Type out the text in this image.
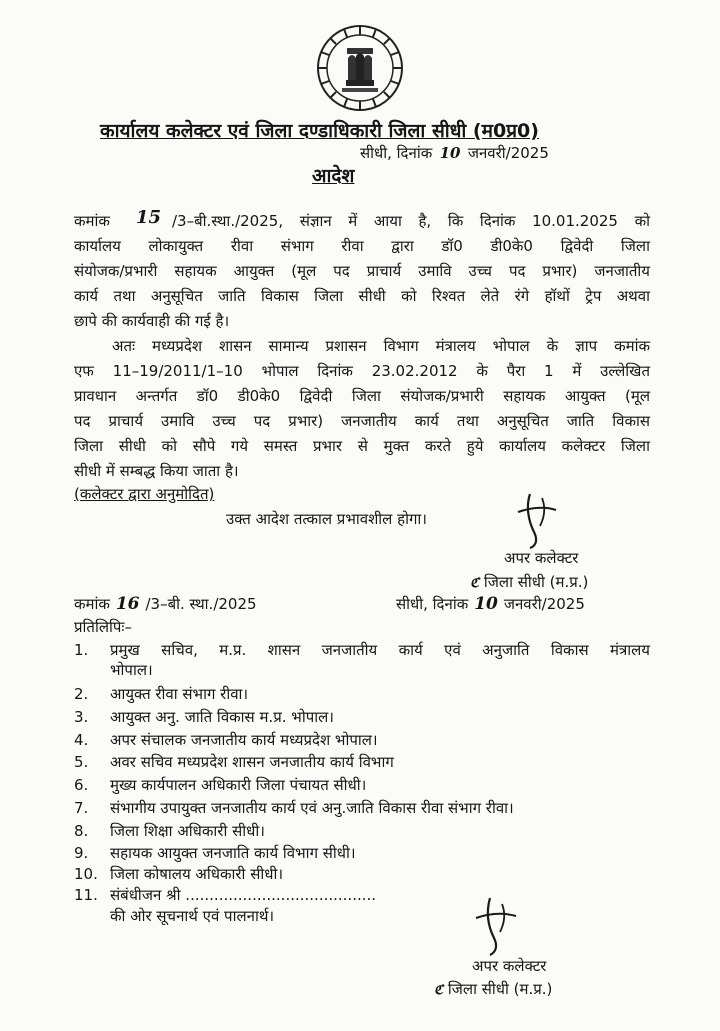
कार्यालय कलेक्टर एवं जिला दण्डाधिकारी जिला सीधी (म0प्र0)
सीधी, दिनांक 10 जनवरी/2025
आदेश
कमांक 15 /3–बी.स्था./2025, संज्ञान में आया है, कि दिनांक 10.01.2025 को
कार्यालय लोकायुक्त रीवा संभाग रीवा द्वारा डॉ0 डी0के0 द्विवेदी जिला
संयोजक/प्रभारी सहायक आयुक्त (मूल पद प्राचार्य उमावि उच्च पद प्रभार) जनजातीय
कार्य तथा अनुसूचित जाति विकास जिला सीधी को रिश्वत लेते रंगे हॉथों ट्रेप अथवा
छापे की कार्यवाही की गई है।
अतः मध्यप्रदेश शासन सामान्य प्रशासन विभाग मंत्रालय भोपाल के ज्ञाप कमांक
एफ 11–19/2011/1–10 भोपाल दिनांक 23.02.2012 के पैरा 1 में उल्लेखित
प्रावधान अन्तर्गत डॉ0 डी0के0 द्विवेदी जिला संयोजक/प्रभारी सहायक आयुक्त (मूल
पद प्राचार्य उमावि उच्च पद प्रभार) जनजातीय कार्य तथा अनुसूचित जाति विकास
जिला सीधी को सौपे गये समस्त प्रभार से मुक्त करते हुये कार्यालय कलेक्टर जिला
सीधी में सम्बद्ध किया जाता है।
(कलेक्टर द्वारा अनुमोदित)
उक्त आदेश तत्काल प्रभावशील होगा।
अपर कलेक्टर
ℭ जिला सीधी (म.प्र.)
कमांक 16 /3–बी. स्था./2025	सीधी, दिनांक 10 जनवरी/2025
प्रतिलिपिः–
1. प्रमुख सचिव, म.प्र. शासन जनजातीय कार्य एवं अनुजाति विकास मंत्रालय
भोपाल।
2. आयुक्त रीवा संभाग रीवा।
3. आयुक्त अनु. जाति विकास म.प्र. भोपाल।
4. अपर संचालक जनजातीय कार्य मध्यप्रदेश भोपाल।
5. अवर सचिव मध्यप्रदेश शासन जनजातीय कार्य विभाग
6. मुख्य कार्यपालन अधिकारी जिला पंचायत सीधी।
7. संभागीय उपायुक्त जनजातीय कार्य एवं अनु.जाति विकास रीवा संभाग रीवा।
8. जिला शिक्षा अधिकारी सीधी।
9. सहायक आयुक्त जनजाति कार्य विभाग सीधी।
10. जिला कोषालय अधिकारी सीधी।
11. संबंधीजन श्री ........................................
की ओर सूचनार्थ एवं पालनार्थ।
अपर कलेक्टर
ℭ जिला सीधी (म.प्र.)
